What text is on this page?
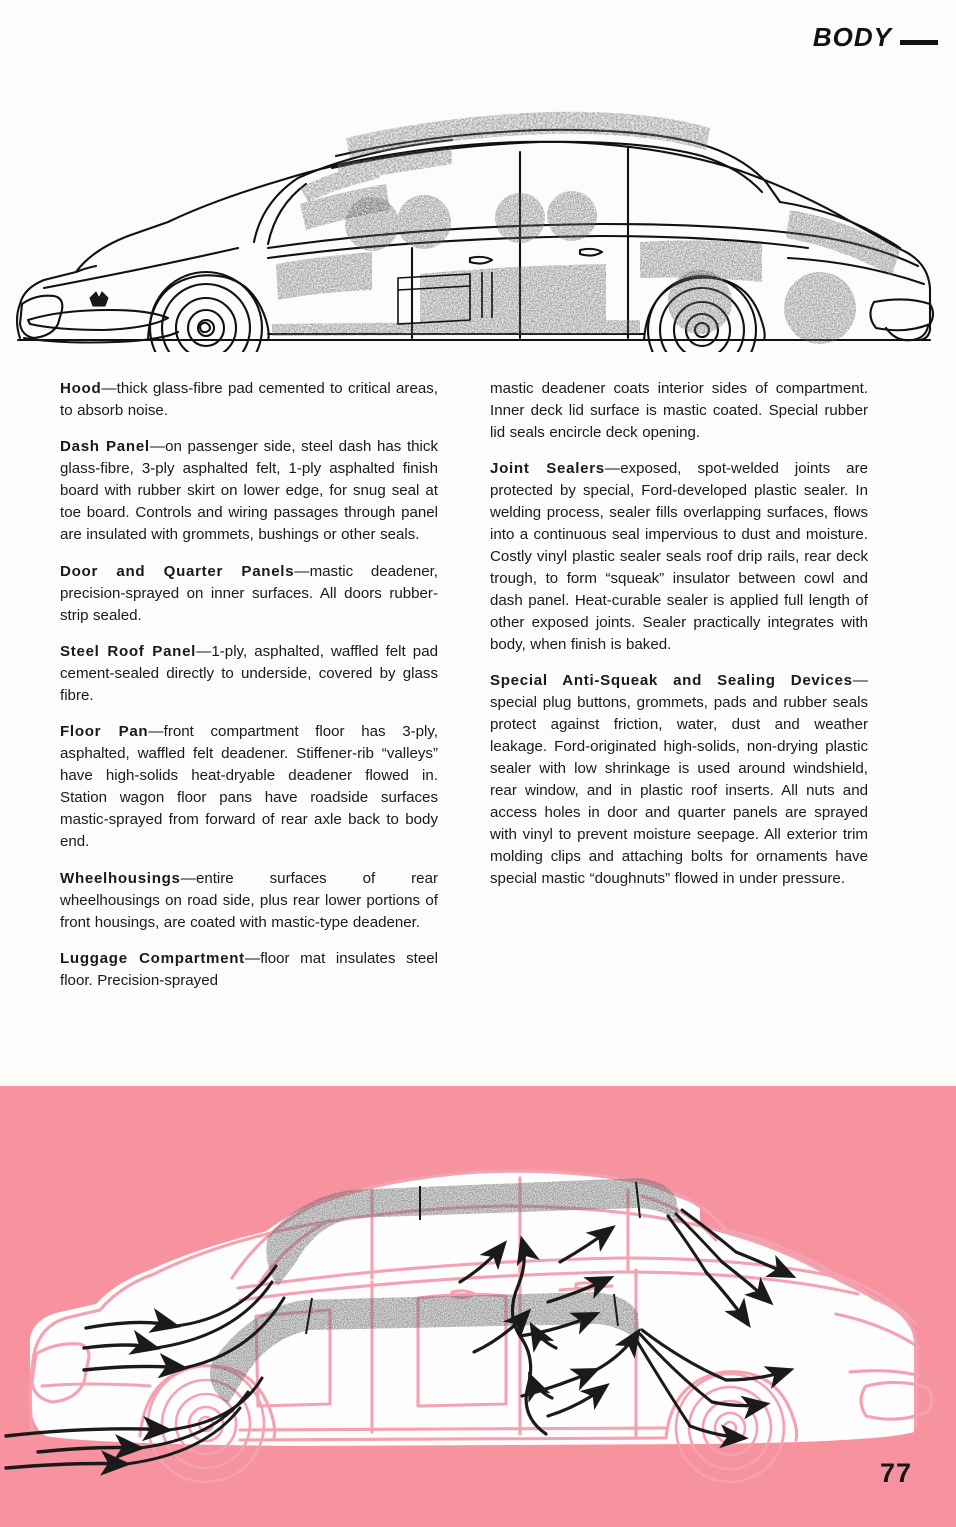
BODY

Hood—thick glass-fibre pad cemented to critical areas, to absorb noise.

Dash Panel—on passenger side, steel dash has thick glass-fibre, 3-ply asphalted felt, 1-ply asphalted finish board with rubber skirt on lower edge, for snug seal at toe board. Controls and wiring passages through panel are insulated with grommets, bushings or other seals.

Door and Quarter Panels—mastic deadener, precision-sprayed on inner surfaces. All doors rubber-strip sealed.

Steel Roof Panel—1-ply, asphalted, waffled felt pad cement-sealed directly to underside, covered by glass fibre.

Floor Pan—front compartment floor has 3-ply, asphalted, waffled felt deadener. Stiffener-rib “valleys” have high-solids heat-dryable deadener flowed in. Station wagon floor pans have roadside surfaces mastic-sprayed from forward of rear axle back to body end.

Wheelhousings—entire surfaces of rear wheelhousings on road side, plus rear lower portions of front housings, are coated with mastic-type deadener.

Luggage Compartment—floor mat insulates steel floor. Precision-sprayed

mastic deadener coats interior sides of compartment. Inner deck lid surface is mastic coated. Special rubber lid seals encircle deck opening.

Joint Sealers—exposed, spot-welded joints are protected by special, Ford-developed plastic sealer. In welding process, sealer fills overlapping surfaces, flows into a continuous seal impervious to dust and moisture. Costly vinyl plastic sealer seals roof drip rails, rear deck trough, to form “squeak” insulator between cowl and dash panel. Heat-curable sealer is applied full length of other exposed joints. Sealer practically integrates with body, when finish is baked.

Special Anti-Squeak and Sealing Devices—special plug buttons, grommets, pads and rubber seals protect against friction, water, dust and weather leakage. Ford-originated high-solids, non-drying plastic sealer with low shrinkage is used around windshield, rear window, and in plastic roof inserts. All nuts and access holes in door and quarter panels are sprayed with vinyl to prevent moisture seepage. All exterior trim molding clips and attaching bolts for ornaments have special mastic “doughnuts” flowed in under pressure.

77
